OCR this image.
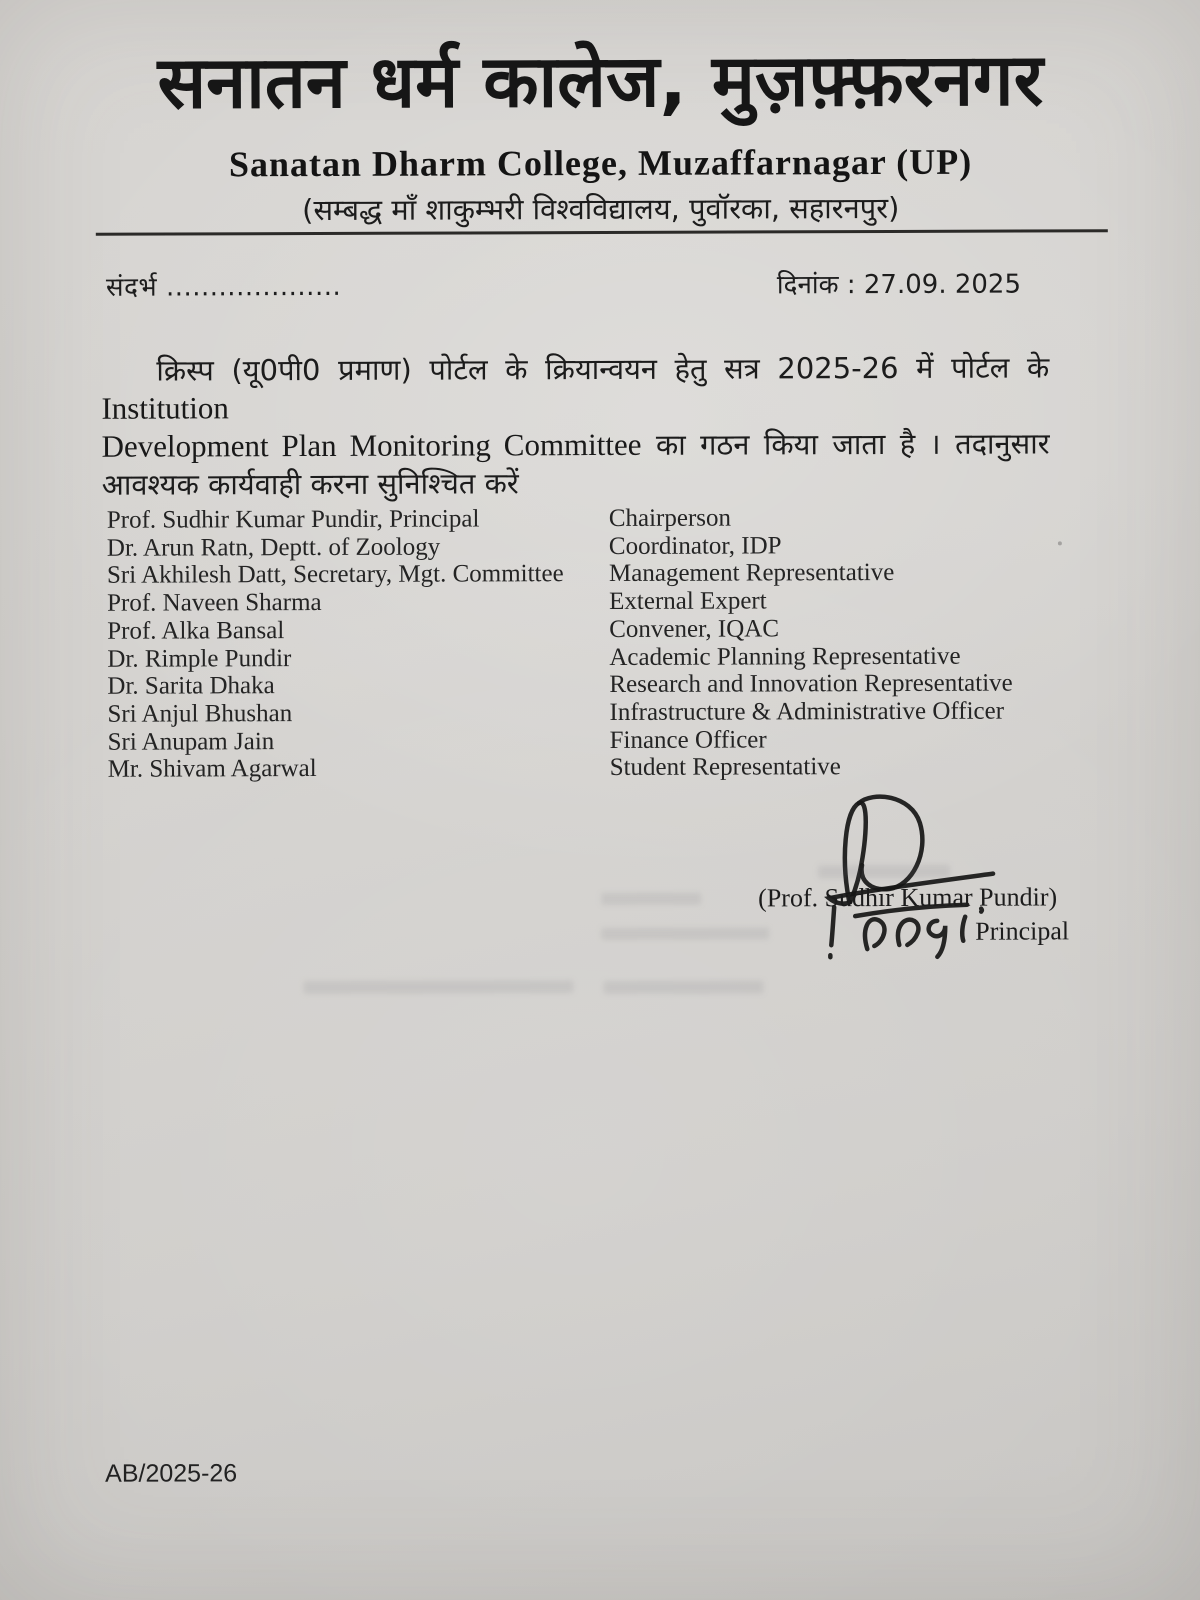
सनातन धर्म कालेज, मुज़फ़्फ़रनगर
Sanatan Dharm College, Muzaffarnagar (UP)
(सम्बद्ध माँ शाकुम्भरी विश्वविद्यालय, पुवॉरका, सहारनपुर)
संदर्भ ....................	दिनांक : 27.09. 2025
क्रिस्प (यू0पी0 प्रमाण) पोर्टल के क्रियान्वयन हेतु सत्र 2025-26 में पोर्टल के Institution
Development Plan Monitoring Committee का गठन किया जाता है । तदानुसार
आवश्यक कार्यवाही करना सुनिश्चित करें
Prof. Sudhir Kumar Pundir, Principal	Chairperson
Dr. Arun Ratn, Deptt. of Zoology	Coordinator, IDP
Sri Akhilesh Datt, Secretary, Mgt. Committee	Management Representative
Prof. Naveen Sharma	External Expert
Prof. Alka Bansal	Convener, IQAC
Dr. Rimple Pundir	Academic Planning Representative
Dr. Sarita Dhaka	Research and Innovation Representative
Sri Anjul Bhushan	Infrastructure & Administrative Officer
Sri Anupam Jain	Finance Officer
Mr. Shivam Agarwal	Student Representative
(Prof. Sudhir Kumar Pundir)
Principal
AB/2025-26
